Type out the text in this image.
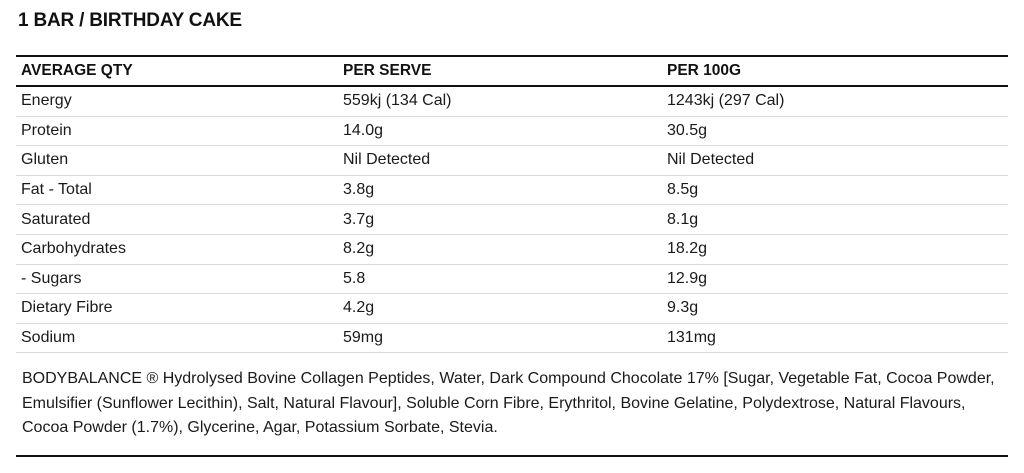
1 BAR / BIRTHDAY CAKE
AVERAGE QTY	PER SERVE	PER 100G
Energy	559kj (134 Cal)	1243kj (297 Cal)
Protein	14.0g	30.5g
Gluten	Nil Detected	Nil Detected
Fat - Total	3.8g	8.5g
Saturated	3.7g	8.1g
Carbohydrates	8.2g	18.2g
- Sugars	5.8	12.9g
Dietary Fibre	4.2g	9.3g
Sodium	59mg	131mg
BODYBALANCE ® Hydrolysed Bovine Collagen Peptides, Water, Dark Compound Chocolate 17% [Sugar, Vegetable Fat, Cocoa Powder, Emulsifier (Sunflower Lecithin), Salt, Natural Flavour], Soluble Corn Fibre, Erythritol, Bovine Gelatine, Polydextrose, Natural Flavours, Cocoa Powder (1.7%), Glycerine, Agar, Potassium Sorbate, Stevia.
